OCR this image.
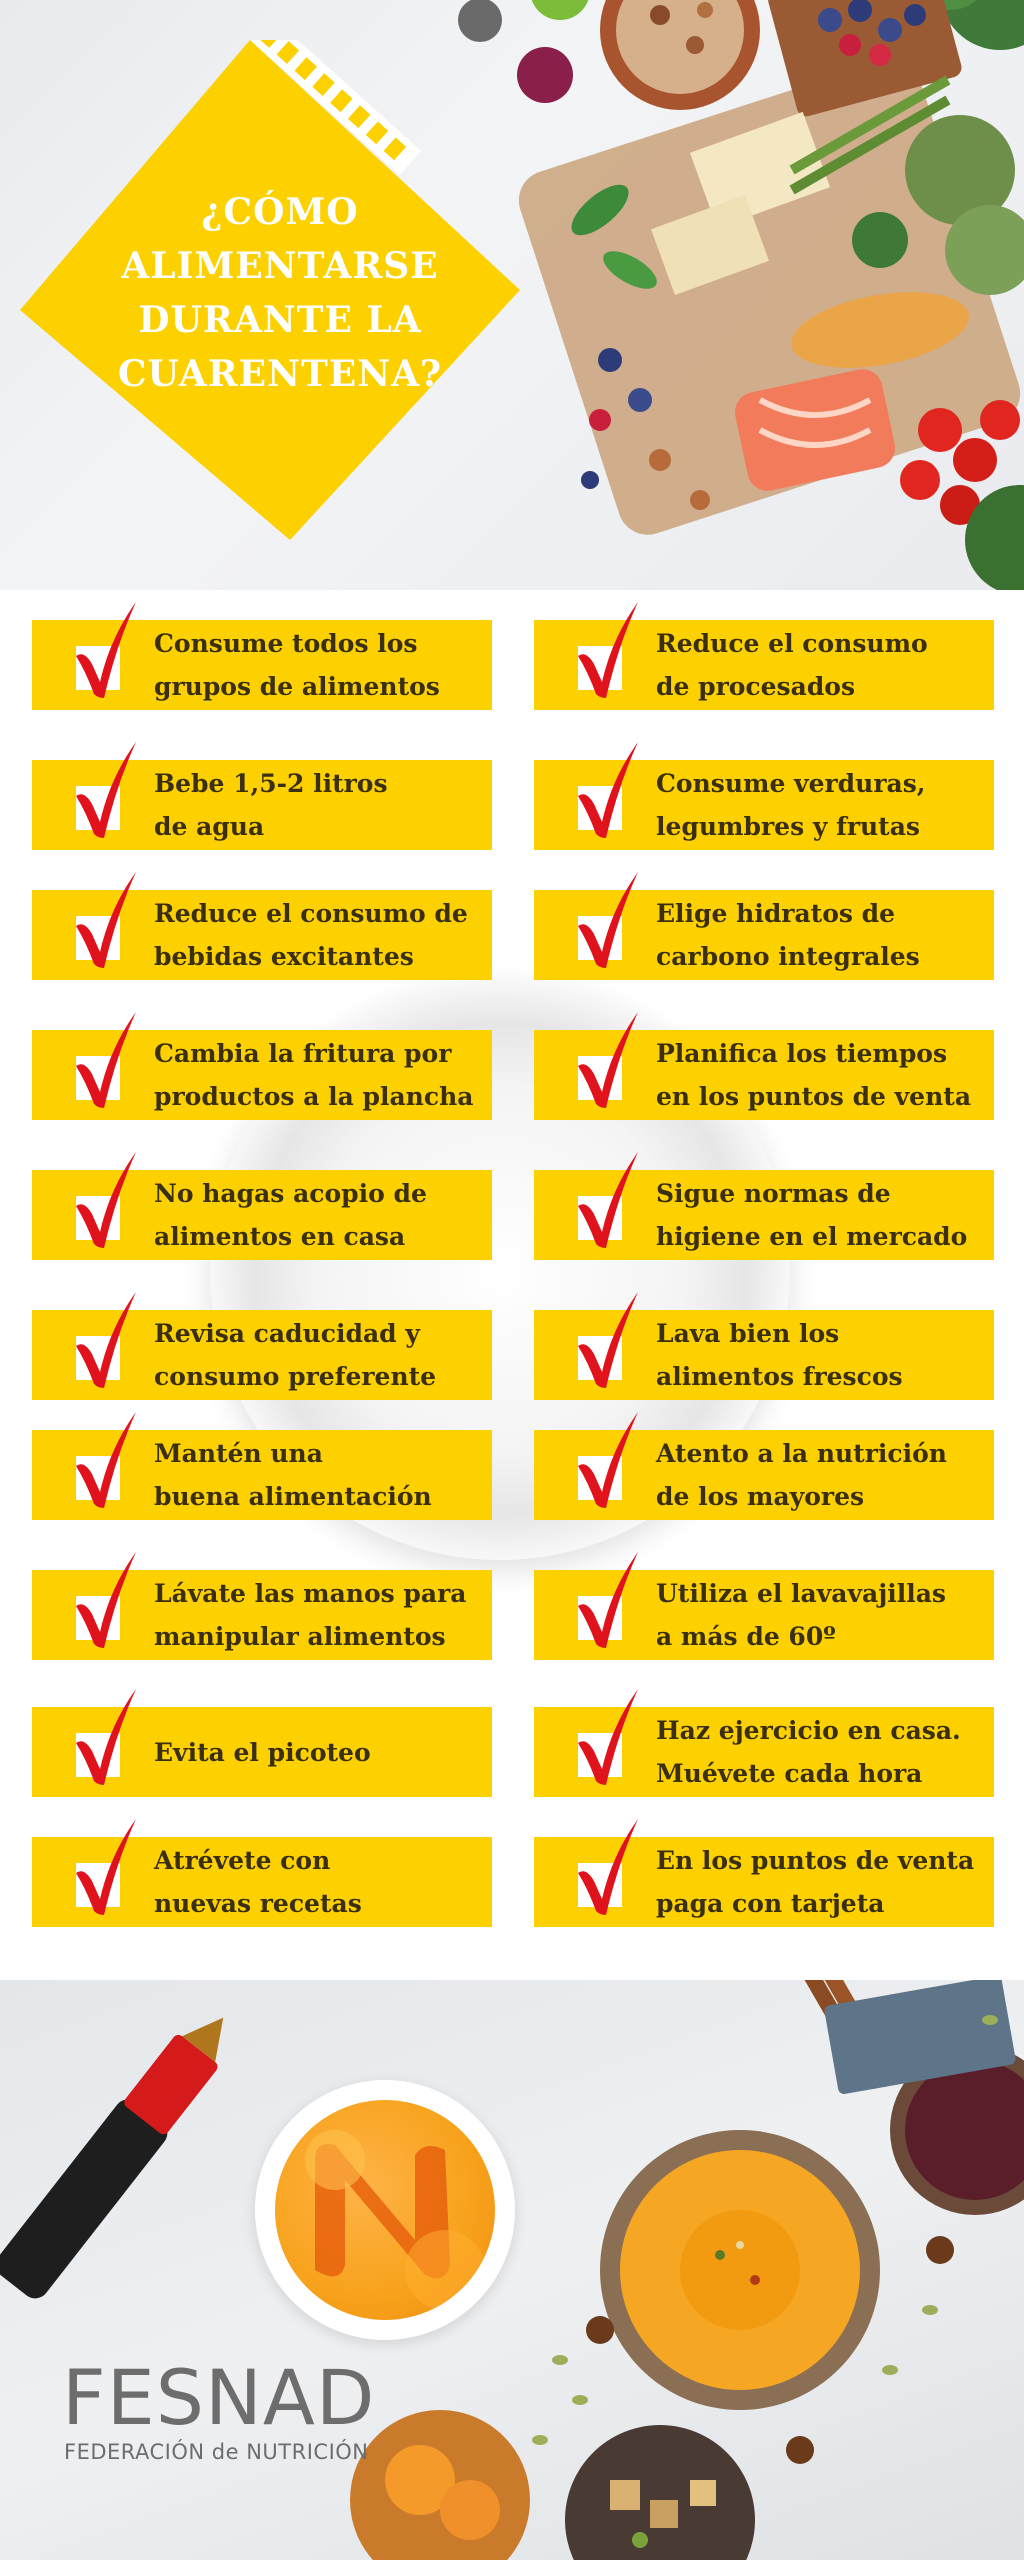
¿CÓMO
ALIMENTARSE
DURANTE LA
CUARENTENA?
Consume todos los
grupos de alimentos
Bebe 1,5-2 litros
de agua
Reduce el consumo de
bebidas excitantes
Cambia la fritura por
productos a la plancha
No hagas acopio de
alimentos en casa
Revisa caducidad y
consumo preferente
Mantén una
buena alimentación
Lávate las manos para
manipular alimentos
Evita el picoteo
Atrévete con
nuevas recetas
Reduce el consumo
de procesados
Consume verduras,
legumbres y frutas
Elige hidratos de
carbono integrales
Planifica los tiempos
en los puntos de venta
Sigue normas de
higiene en el mercado
Lava bien los
alimentos frescos
Atento a la nutrición
de los mayores
Utiliza el lavavajillas
a más de 60º
Haz ejercicio en casa.
Muévete cada hora
En los puntos de venta
paga con tarjeta
FESNAD
FEDERACIÓN de NUTRICIÓN
